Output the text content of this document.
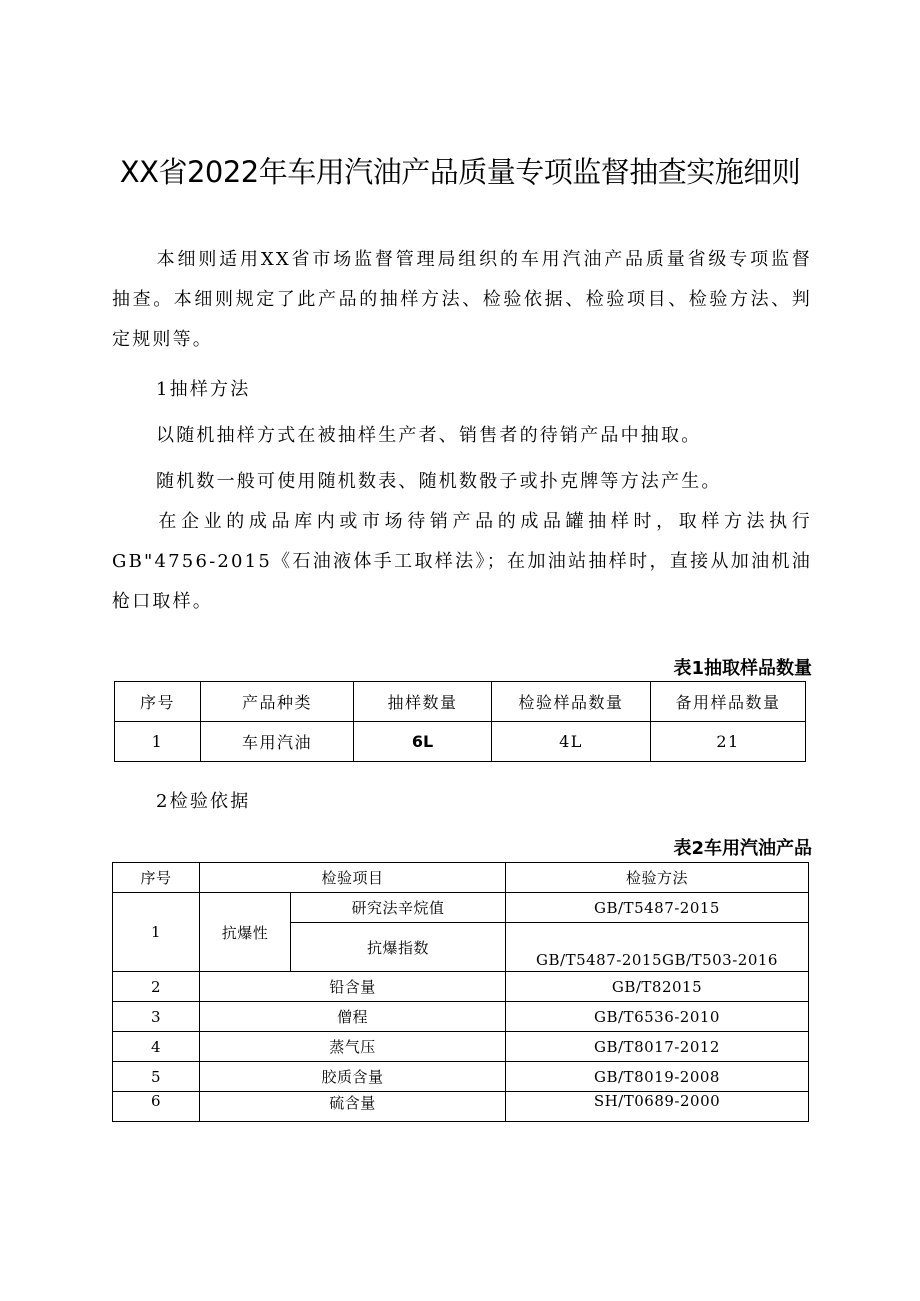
XX省2022年车用汽油产品质量专项监督抽查实施细则
本细则适用XX省市场监督管理局组织的车用汽油产品质量省级专项监督抽查。本细则规定了此产品的抽样方法、检验依据、检验项目、检验方法、判定规则等。
1抽样方法
以随机抽样方式在被抽样生产者、销售者的待销产品中抽取。
随机数一般可使用随机数表、随机数骰子或扑克牌等方法产生。
在企业的成品库内或市场待销产品的成品罐抽样时，取样方法执行GB"4756-2015《石油液体手工取样法》；在加油站抽样时，直接从加油机油枪口取样。
表1抽取样品数量
序号	产品种类	抽样数量	检验样品数量	备用样品数量
1	车用汽油	6L	4L	21
2检验依据
表2车用汽油产品
序号	检验项目		检验方法
1	抗爆性	研究法辛烷值	GB/T5487-2015
		抗爆指数	GB/T5487-2015GB/T503-2016
2	铅含量		GB/T82015
3	僧程		GB/T6536-2010
4	蒸气压		GB/T8017-2012
5	胶质含量		GB/T8019-2008
6	硫含量		SH/T0689-2000
